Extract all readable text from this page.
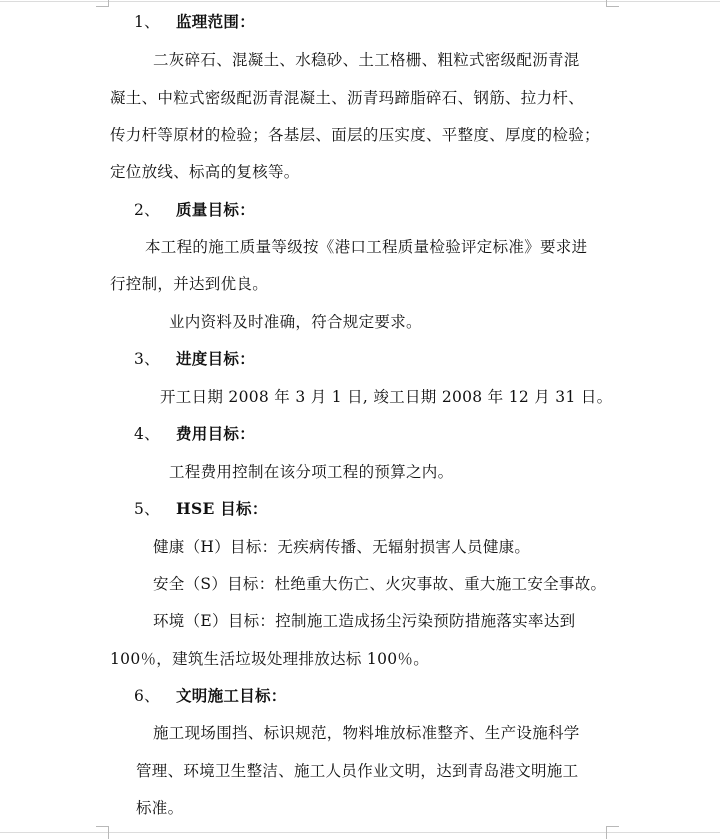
1、 监理范围：
二灰碎石、混凝土、水稳砂、土工格栅、粗粒式密级配沥青混
凝土、中粒式密级配沥青混凝土、沥青玛蹄脂碎石、钢筋、拉力杆、
传力杆等原材的检验；各基层、面层的压实度、平整度、厚度的检验；
定位放线、标高的复核等。
2、 质量目标：
本工程的施工质量等级按《港口工程质量检验评定标准》要求进
行控制，并达到优良。
业内资料及时准确，符合规定要求。
3、 进度目标：
开工日期 2008 年 3 月 1 日, 竣工日期 2008 年 12 月 31 日。
4、 费用目标：
工程费用控制在该分项工程的预算之内。
5、 HSE 目标：
健康（H）目标：无疾病传播、无辐射损害人员健康。
安全（S）目标：杜绝重大伤亡、火灾事故、重大施工安全事故。
环境（E）目标：控制施工造成扬尘污染预防措施落实率达到
100％，建筑生活垃圾处理排放达标 100％。
6、 文明施工目标：
施工现场围挡、标识规范，物料堆放标准整齐、生产设施科学
管理、环境卫生整洁、施工人员作业文明，达到青岛港文明施工
标准。
